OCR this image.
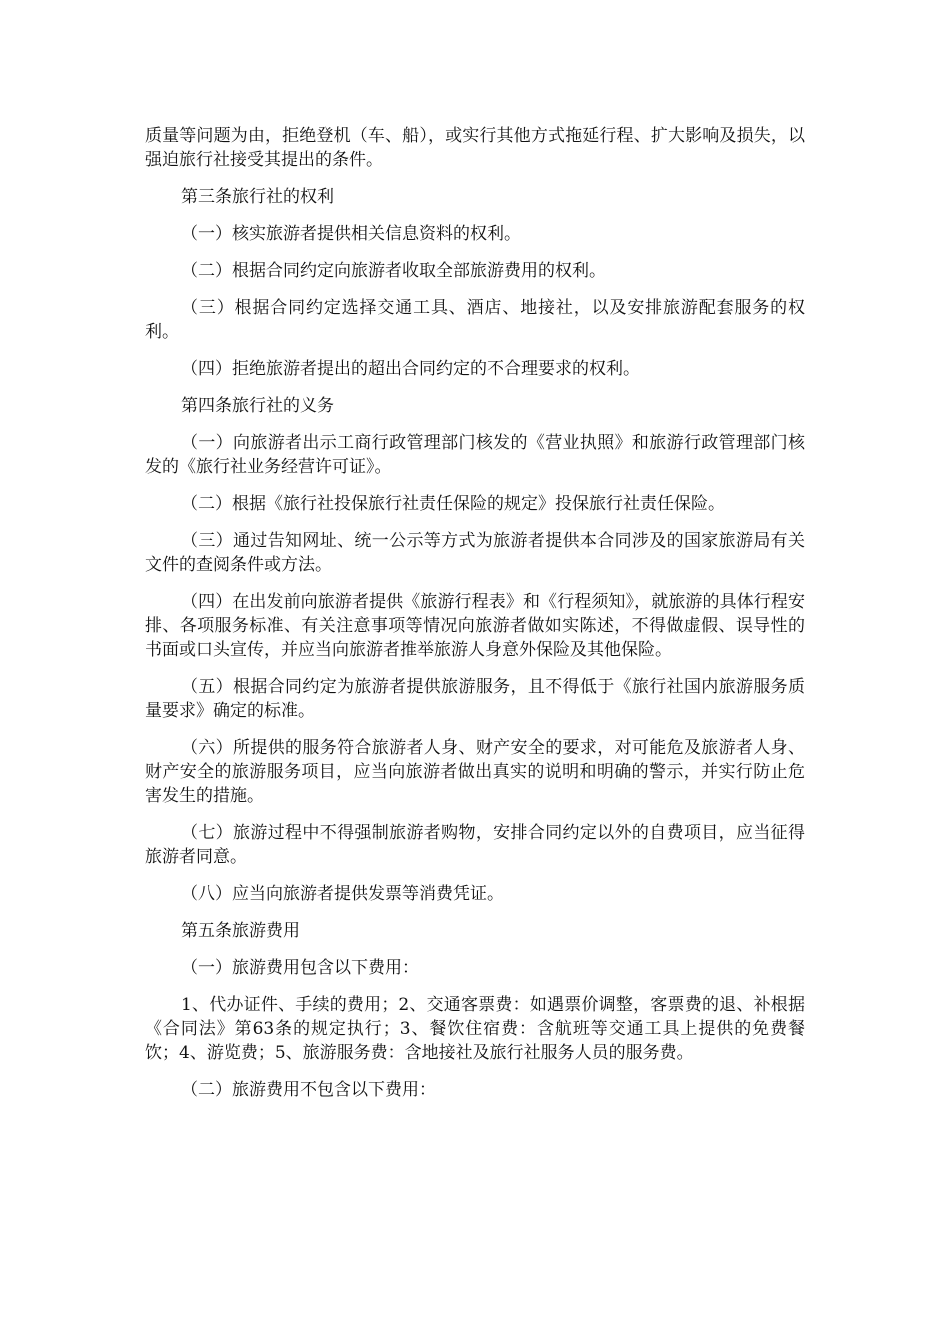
质量等问题为由，拒绝登机（车、船），或实行其他方式拖延行程、扩大影响及损失，以强迫旅行社接受其提出的条件。

第三条旅行社的权利

（一）核实旅游者提供相关信息资料的权利。

（二）根据合同约定向旅游者收取全部旅游费用的权利。

（三）根据合同约定选择交通工具、酒店、地接社，以及安排旅游配套服务的权利。

（四）拒绝旅游者提出的超出合同约定的不合理要求的权利。

第四条旅行社的义务

（一）向旅游者出示工商行政管理部门核发的《营业执照》和旅游行政管理部门核发的《旅行社业务经营许可证》。

（二）根据《旅行社投保旅行社责任保险的规定》投保旅行社责任保险。

（三）通过告知网址、统一公示等方式为旅游者提供本合同涉及的国家旅游局有关文件的查阅条件或方法。

（四）在出发前向旅游者提供《旅游行程表》和《行程须知》，就旅游的具体行程安排、各项服务标准、有关注意事项等情况向旅游者做如实陈述，不得做虚假、误导性的书面或口头宣传，并应当向旅游者推举旅游人身意外保险及其他保险。

（五）根据合同约定为旅游者提供旅游服务，且不得低于《旅行社国内旅游服务质量要求》确定的标准。

（六）所提供的服务符合旅游者人身、财产安全的要求，对可能危及旅游者人身、财产安全的旅游服务项目，应当向旅游者做出真实的说明和明确的警示，并实行防止危害发生的措施。

（七）旅游过程中不得强制旅游者购物，安排合同约定以外的自费项目，应当征得旅游者同意。

（八）应当向旅游者提供发票等消费凭证。

第五条旅游费用

（一）旅游费用包含以下费用：

1、代办证件、手续的费用；2、交通客票费：如遇票价调整，客票费的退、补根据《合同法》第63条的规定执行；3、餐饮住宿费：含航班等交通工具上提供的免费餐饮；4、游览费；5、旅游服务费：含地接社及旅行社服务人员的服务费。

（二）旅游费用不包含以下费用：
